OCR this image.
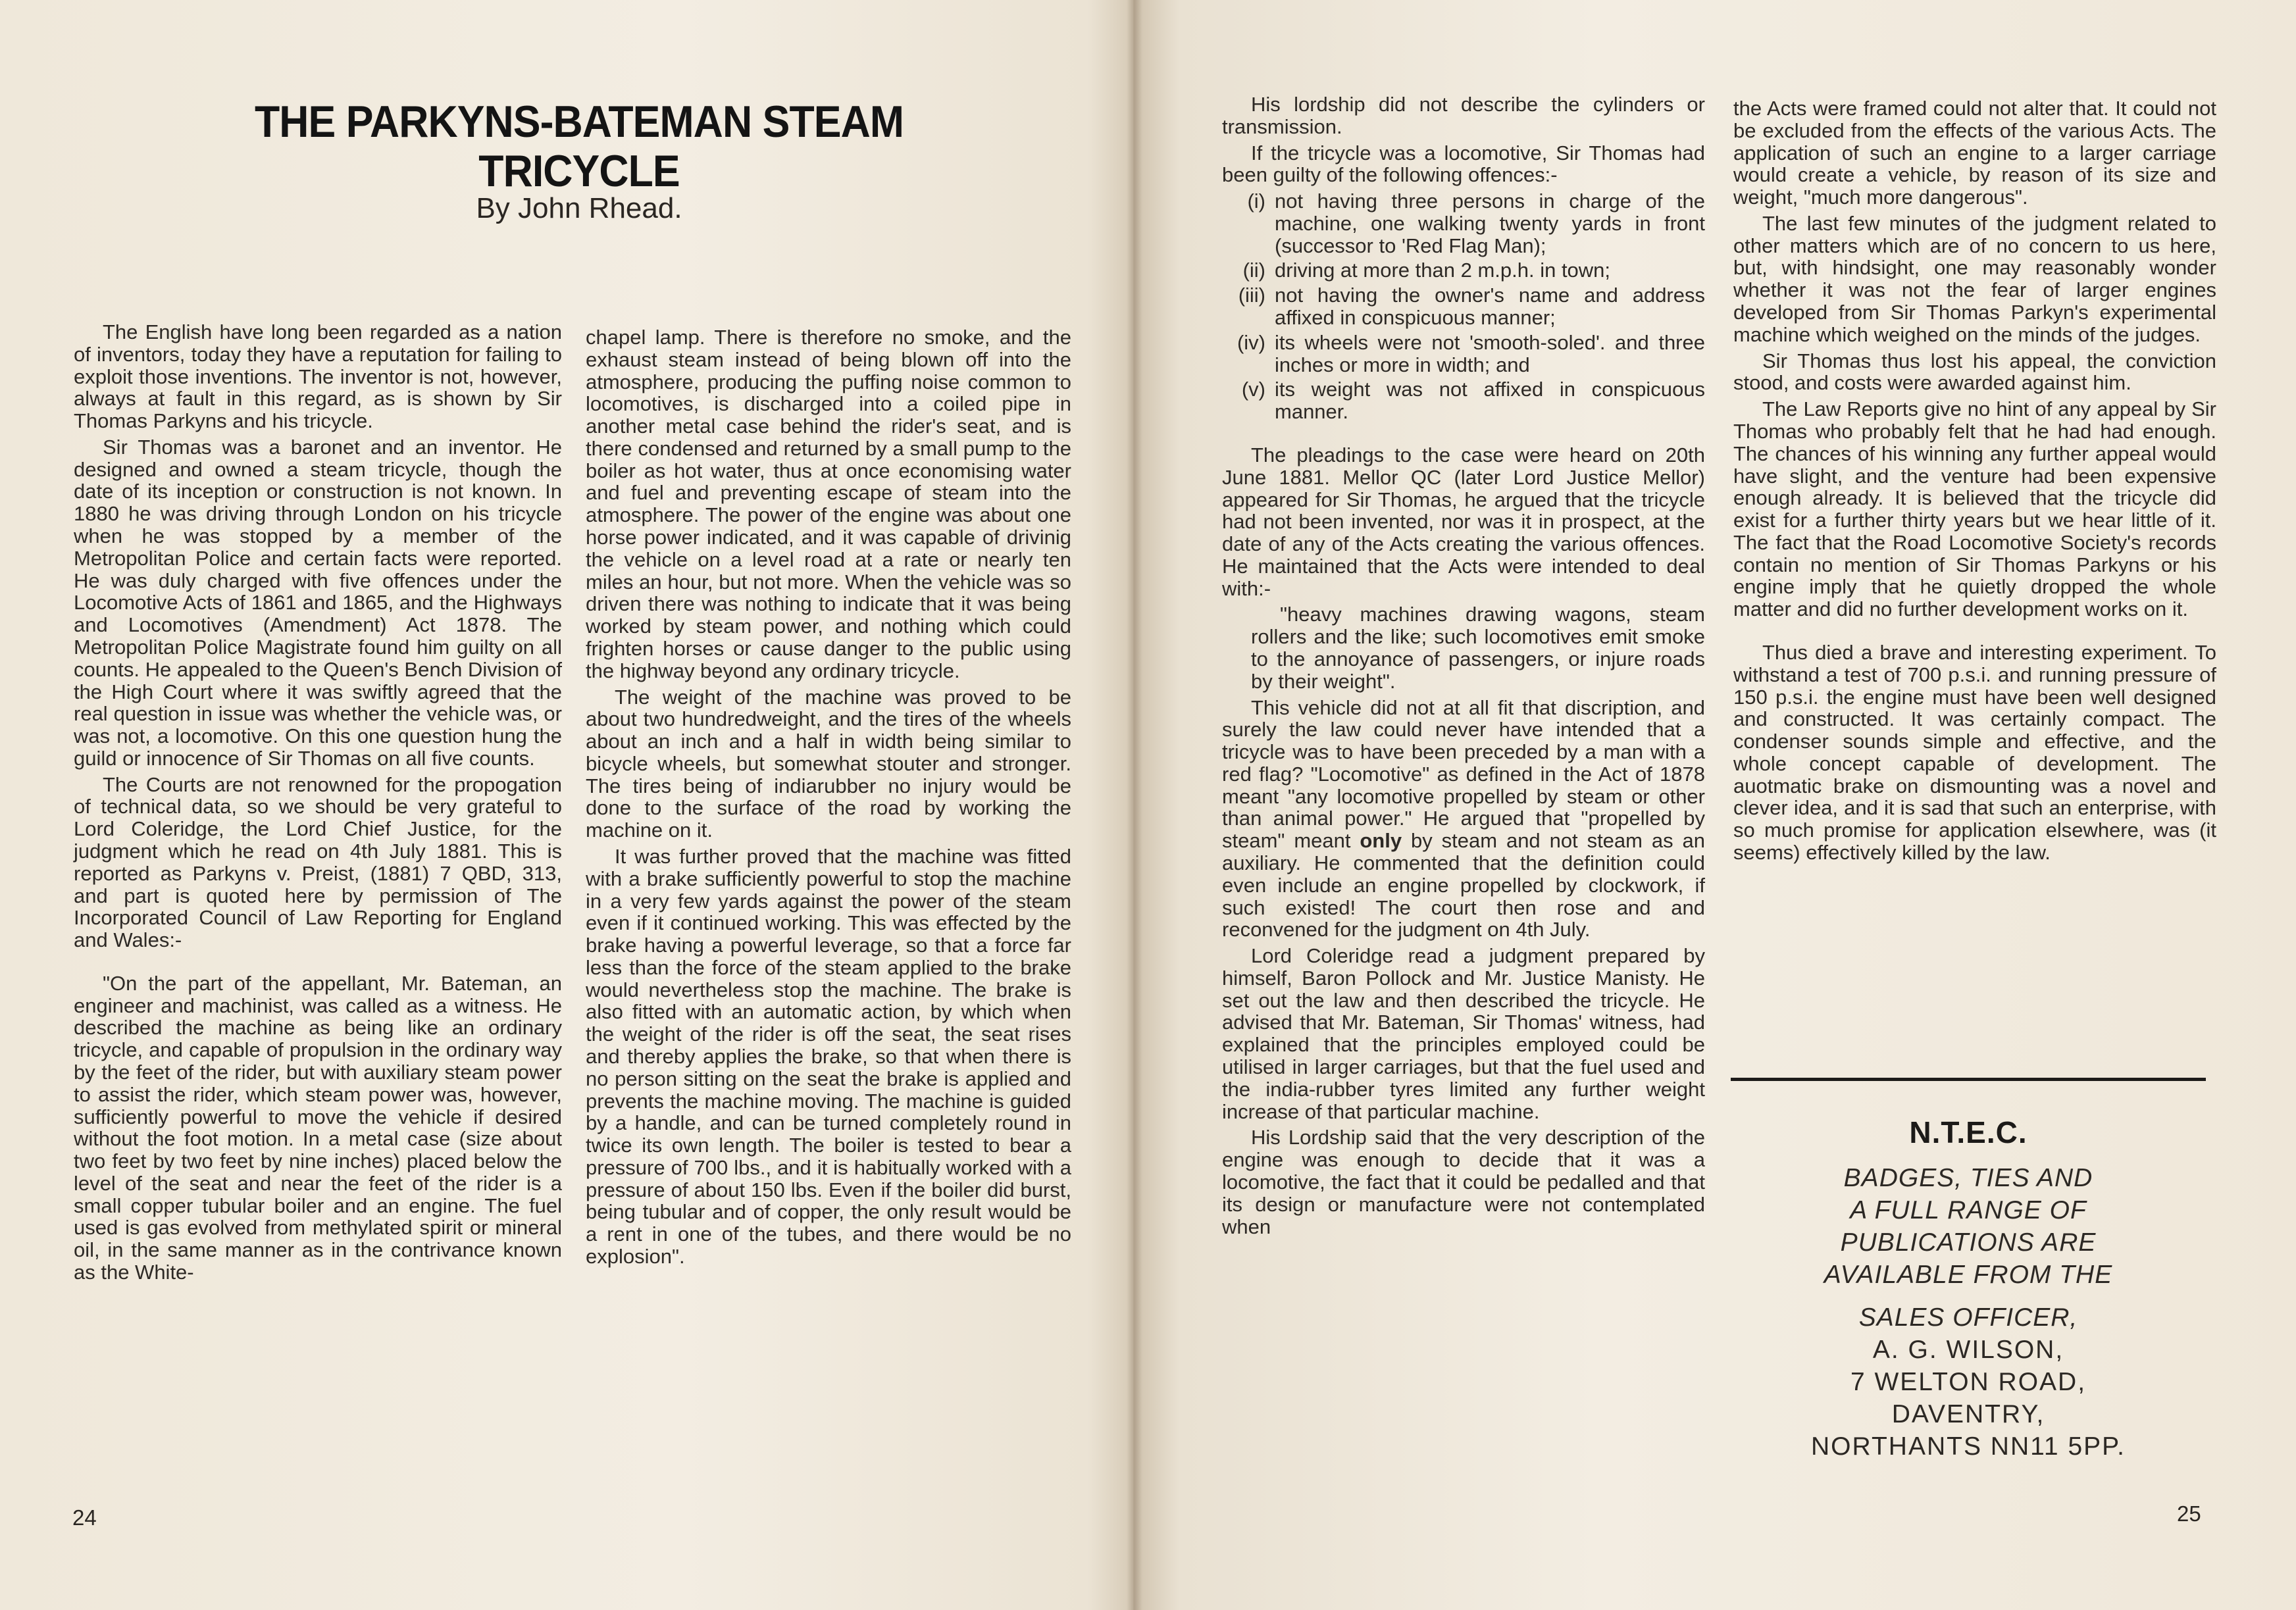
THE PARKYNS-BATEMAN STEAM TRICYCLE

By John Rhead.

The English have long been regarded as a nation of inventors, today they have a reputation for failing to exploit those inventions. The inventor is not, however, always at fault in this regard, as is shown by Sir Thomas Parkyns and his tricycle.

Sir Thomas was a baronet and an inventor. He designed and owned a steam tricycle, though the date of its inception or construction is not known. In 1880 he was driving through London on his tricycle when he was stopped by a member of the Metropolitan Police and certain facts were reported. He was duly charged with five offences under the Locomotive Acts of 1861 and 1865, and the Highways and Locomotives (Amendment) Act 1878. The Metropolitan Police Magistrate found him guilty on all counts. He appealed to the Queen's Bench Division of the High Court where it was swiftly agreed that the real question in issue was whether the vehicle was, or was not, a locomotive. On this one question hung the guild or innocence of Sir Thomas on all five counts.

The Courts are not renowned for the propogation of technical data, so we should be very grateful to Lord Coleridge, the Lord Chief Justice, for the judgment which he read on 4th July 1881. This is reported as Parkyns v. Preist, (1881) 7 QBD, 313, and part is quoted here by permission of The Incorporated Council of Law Reporting for England and Wales:-

"On the part of the appellant, Mr. Bateman, an engineer and machinist, was called as a witness. He described the machine as being like an ordinary tricycle, and capable of propulsion in the ordinary way by the feet of the rider, but with auxiliary steam power to assist the rider, which steam power was, however, sufficiently powerful to move the vehicle if desired without the foot motion. In a metal case (size about two feet by two feet by nine inches) placed below the level of the seat and near the feet of the rider is a small copper tubular boiler and an engine. The fuel used is gas evolved from methylated spirit or mineral oil, in the same manner as in the contrivance known as the White-

chapel lamp. There is therefore no smoke, and the exhaust steam instead of being blown off into the atmosphere, producing the puffing noise common to locomotives, is discharged into a coiled pipe in another metal case behind the rider's seat, and is there condensed and returned by a small pump to the boiler as hot water, thus at once economising water and fuel and preventing escape of steam into the atmosphere. The power of the engine was about one horse power indicated, and it was capable of drivinig the vehicle on a level road at a rate or nearly ten miles an hour, but not more. When the vehicle was so driven there was nothing to indicate that it was being worked by steam power, and nothing which could frighten horses or cause danger to the public using the highway beyond any ordinary tricycle.

The weight of the machine was proved to be about two hundredweight, and the tires of the wheels about an inch and a half in width being similar to bicycle wheels, but somewhat stouter and stronger. The tires being of indiarubber no injury would be done to the surface of the road by working the machine on it.

It was further proved that the machine was fitted with a brake sufficiently powerful to stop the machine in a very few yards against the power of the steam even if it continued working. This was effected by the brake having a powerful leverage, so that a force far less than the force of the steam applied to the brake would nevertheless stop the machine. The brake is also fitted with an automatic action, by which when the weight of the rider is off the seat, the seat rises and thereby applies the brake, so that when there is no person sitting on the seat the brake is applied and prevents the machine moving. The machine is guided by a handle, and can be turned completely round in twice its own length. The boiler is tested to bear a pressure of 700 lbs., and it is habitually worked with a pressure of about 150 lbs. Even if the boiler did burst, being tubular and of copper, the only result would be a rent in one of the tubes, and there would be no explosion".

24

His lordship did not describe the cylinders or transmission.

If the tricycle was a locomotive, Sir Thomas had been guilty of the following offences:-

(i) not having three persons in charge of the machine, one walking twenty yards in front (successor to 'Red Flag Man);
(ii) driving at more than 2 m.p.h. in town;
(iii) not having the owner's name and address affixed in conspicuous manner;
(iv) its wheels were not 'smooth-soled'. and three inches or more in width; and
(v) its weight was not affixed in conspicuous manner.

The pleadings to the case were heard on 20th June 1881. Mellor QC (later Lord Justice Mellor) appeared for Sir Thomas, he argued that the tricycle had not been invented, nor was it in prospect, at the date of any of the Acts creating the various offences. He maintained that the Acts were intended to deal with:-

"heavy machines drawing wagons, steam rollers and the like; such locomotives emit smoke to the annoyance of passengers, or injure roads by their weight".

This vehicle did not at all fit that discription, and surely the law could never have intended that a tricycle was to have been preceded by a man with a red flag? "Locomotive" as defined in the Act of 1878 meant "any locomotive propelled by steam or other than animal power." He argued that "propelled by steam" meant only by steam and not steam as an auxiliary. He commented that the definition could even include an engine propelled by clockwork, if such existed! The court then rose and and reconvened for the judgment on 4th July.

Lord Coleridge read a judgment prepared by himself, Baron Pollock and Mr. Justice Manisty. He set out the law and then described the tricycle. He advised that Mr. Bateman, Sir Thomas' witness, had explained that the principles employed could be utilised in larger carriages, but that the fuel used and the india-rubber tyres limited any further weight increase of that particular machine.

His Lordship said that the very description of the engine was enough to decide that it was a locomotive, the fact that it could be pedalled and that its design or manufacture were not contemplated when

the Acts were framed could not alter that. It could not be excluded from the effects of the various Acts. The application of such an engine to a larger carriage would create a vehicle, by reason of its size and weight, "much more dangerous".

The last few minutes of the judgment related to other matters which are of no concern to us here, but, with hindsight, one may reasonably wonder whether it was not the fear of larger engines developed from Sir Thomas Parkyn's experimental machine which weighed on the minds of the judges.

Sir Thomas thus lost his appeal, the conviction stood, and costs were awarded against him.

The Law Reports give no hint of any appeal by Sir Thomas who probably felt that he had had enough. The chances of his winning any further appeal would have slight, and the venture had been expensive enough already. It is believed that the tricycle did exist for a further thirty years but we hear little of it. The fact that the Road Locomotive Society's records contain no mention of Sir Thomas Parkyns or his engine imply that he quietly dropped the whole matter and did no further development works on it.

Thus died a brave and interesting experiment. To withstand a test of 700 p.s.i. and running pressure of 150 p.s.i. the engine must have been well designed and constructed. It was certainly compact. The condenser sounds simple and effective, and the whole concept capable of development. The auotmatic brake on dismounting was a novel and clever idea, and it is sad that such an enterprise, with so much promise for application elsewhere, was (it seems) effectively killed by the law.

N.T.E.C.

BADGES, TIES AND

A FULL RANGE OF

PUBLICATIONS ARE

AVAILABLE FROM THE

SALES OFFICER,

A. G. WILSON,

7 WELTON ROAD,

DAVENTRY,

NORTHANTS NN11 5PP.

25
